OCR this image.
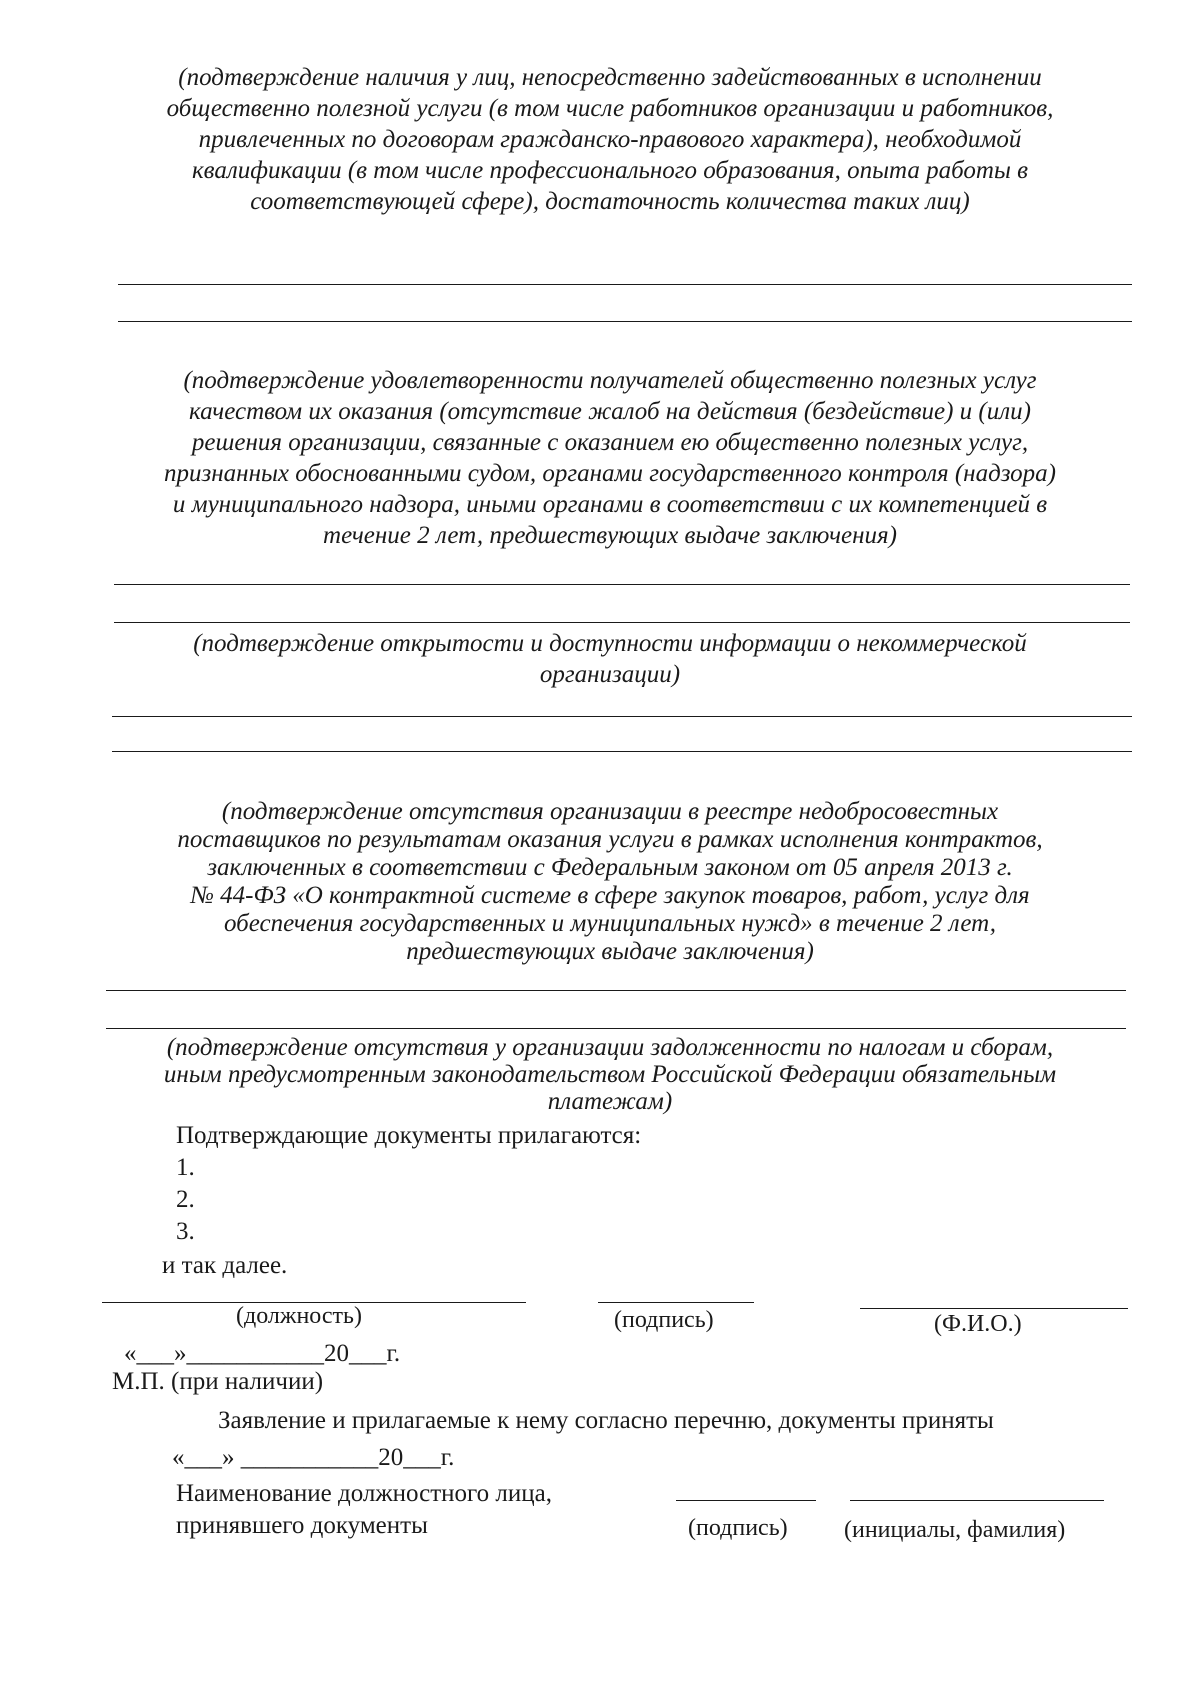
(подтверждение наличия у лиц, непосредственно задействованных в исполнении
общественно полезной услуги (в том числе работников организации и работников,
привлеченных по договорам гражданско-правового характера), необходимой
квалификации (в том числе профессионального образования, опыта работы в
соответствующей сфере), достаточность количества таких лиц)
(подтверждение удовлетворенности получателей общественно полезных услуг
качеством их оказания (отсутствие жалоб на действия (бездействие) и (или)
решения организации, связанные с оказанием ею общественно полезных услуг,
признанных обоснованными судом, органами государственного контроля (надзора)
и муниципального надзора, иными органами в соответствии с их компетенцией в
течение 2 лет, предшествующих выдаче заключения)
(подтверждение открытости и доступности информации о некоммерческой
организации)
(подтверждение отсутствия организации в реестре недобросовестных
поставщиков по результатам оказания услуги в рамках исполнения контрактов,
заключенных в соответствии с Федеральным законом от 05 апреля 2013 г.
№ 44-ФЗ «О контрактной системе в сфере закупок товаров, работ, услуг для
обеспечения государственных и муниципальных нужд» в течение 2 лет,
предшествующих выдаче заключения)
(подтверждение отсутствия у организации задолженности по налогам и сборам,
иным предусмотренным законодательством Российской Федерации обязательным
платежам)
Подтверждающие документы прилагаются:
1.
2.
3.
и так далее.
(должность)	(подпись)	(Ф.И.О.)
«___»___________20___г.
М.П. (при наличии)
Заявление и прилагаемые к нему согласно перечню, документы приняты
«___» ___________20___г.
Наименование должностного лица,
принявшего документы	(подпись) (инициалы, фамилия)
